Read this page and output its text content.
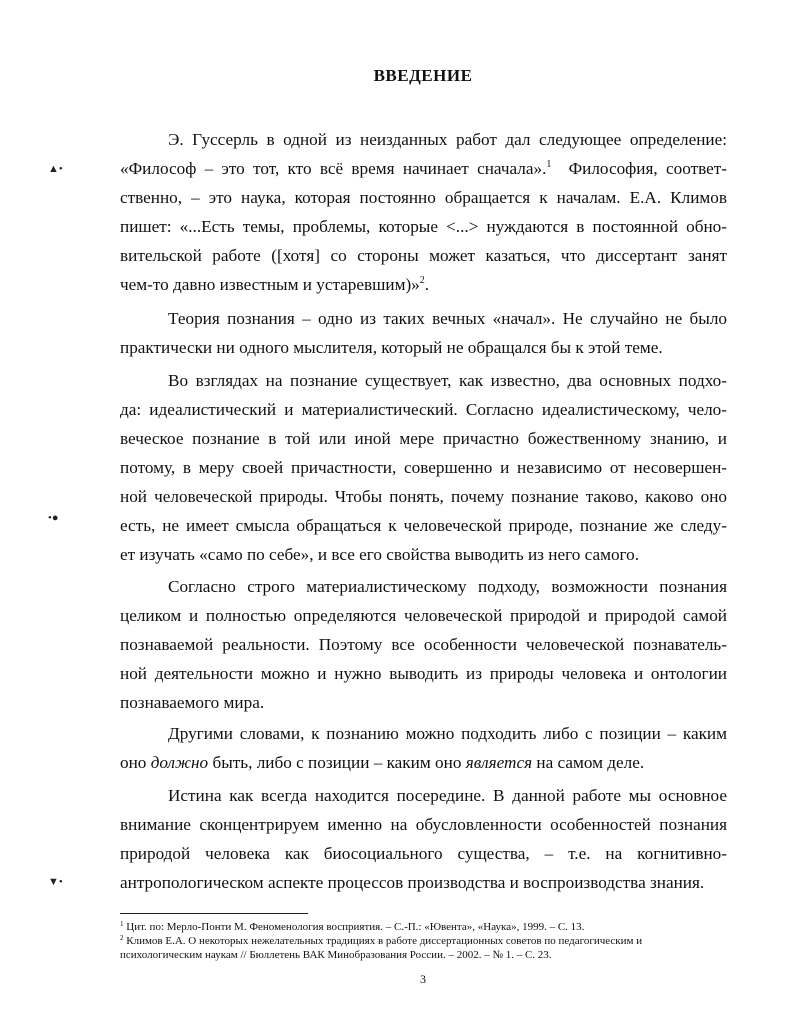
ВВЕДЕНИЕ
Э. Гуссерль в одной из неизданных работ дал следующее определение:
«Философ – это тот, кто всё время начинает сначала».$^1$  Философия, соответ-
ственно, – это наука, которая постоянно обращается к началам. Е.А. Климов
пишет: «...Есть темы, проблемы, которые <...> нуждаются в постоянной обно-
вительской работе ([хотя] со стороны может казаться, что диссертант занят
чем-то давно известным и устаревшим)»$^2$.
Теория познания – одно из таких вечных «начал». Не случайно не было
практически ни одного мыслителя, который не обращался бы к этой теме.
Во взглядах на познание существует, как известно, два основных подхо-
да: идеалистический и материалистический. Согласно идеалистическому, чело-
веческое познание в той или иной мере причастно божественному знанию, и
потому, в меру своей причастности, совершенно и независимо от несовершен-
ной человеческой природы. Чтобы понять, почему познание таково, каково оно
есть, не имеет смысла обращаться к человеческой природе, познание же следу-
ет изучать «само по себе», и все его свойства выводить из него самого.
Согласно строго материалистическому подходу, возможности познания
целиком и полностью определяются человеческой природой и природой самой
познаваемой реальности. Поэтому все особенности человеческой познаватель-
ной деятельности можно и нужно выводить из природы человека и онтологии
познаваемого мира.
Другими словами, к познанию можно подходить либо с позиции – каким
оно должно быть, либо с позиции – каким оно является на самом деле.
Истина как всегда находится посередине. В данной работе мы основное
внимание сконцентрируем именно на обусловленности особенностей познания
природой человека как биосоциального существа, – т.е. на когнитивно-
антропологическом аспекте процессов производства и воспроизводства знания.
$^1$ Цит. по: Мерло-Понти М. Феноменология восприятия. – С.-П.: «Ювента», «Наука», 1999. – С. 13.
$^2$ Климов Е.А. О некоторых нежелательных традициях в работе диссертационных советов по педагогическим и
психологическим наукам // Бюллетень ВАК Минобразования России. – 2002. – № 1. – С. 23.
3
▲•
•●
▼•
